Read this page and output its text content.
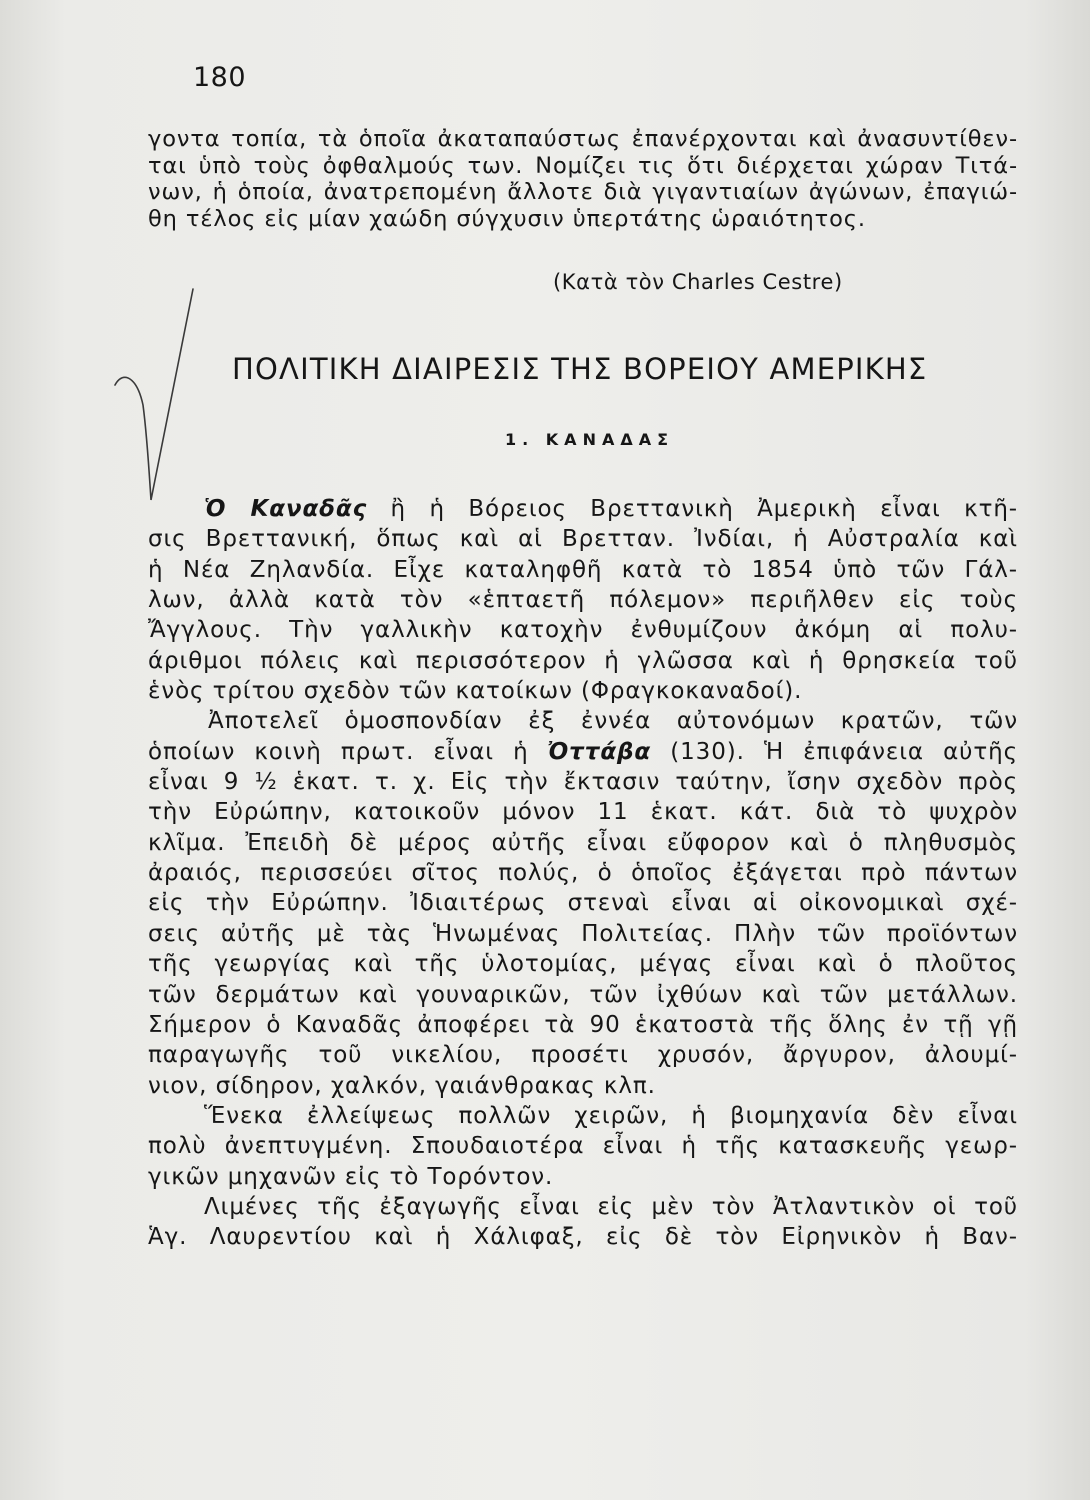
180

γοντα τοπία, τὰ ὁποῖα ἀκαταπαύστως ἐπανέρχονται καὶ ἀνασυντίθεν-

ται ὑπὸ τοὺς ὀφθαλμούς των. Νομίζει τις ὅτι διέρχεται χώραν Τιτά-

νων, ἡ ὁποία, ἀνατρεπομένη ἄλλοτε διὰ γιγαντιαίων ἀγώνων, ἐπαγιώ-

θη τέλος εἰς μίαν χαώδη σύγχυσιν ὑπερτάτης ὡραιότητος.

(Κατὰ τὸν Charles Cestre)
ΠΟΛΙΤΙΚΗ ΔΙΑΙΡΕΣΙΣ ΤΗΣ ΒΟΡΕΙΟΥ ΑΜΕΡΙΚΗΣ
1. ΚΑΝΑΔΑΣ

Ὁ Καναδᾶς ἢ ἡ Βόρειος Βρεττανικὴ Ἀμερικὴ εἶναι κτῆ-

σις Βρεττανική, ὅπως καὶ αἱ Βρετταν. Ἰνδίαι, ἡ Αὐστραλία καὶ

ἡ Νέα Ζηλανδία. Εἶχε καταληφθῆ κατὰ τὸ 1854 ὑπὸ τῶν Γάλ-

λων, ἀλλὰ κατὰ τὸν «ἑπταετῆ πόλεμον» περιῆλθεν εἰς τοὺς

Ἄγγλους. Τὴν γαλλικὴν κατοχὴν ἐνθυμίζουν ἀκόμη αἱ πολυ-

άριθμοι πόλεις καὶ περισσότερον ἡ γλῶσσα καὶ ἡ θρησκεία τοῦ

ἑνὸς τρίτου σχεδὸν τῶν κατοίκων (Φραγκοκαναδοί).

Ἀποτελεῖ ὁμοσπονδίαν ἐξ ἐννέα αὐτονόμων κρατῶν, τῶν

ὁποίων κοινὴ πρωτ. εἶναι ἡ Ὀττάβα (130). Ἡ ἐπιφάνεια αὐτῆς

εἶναι 9 ½ ἑκατ. τ. χ. Εἰς τὴν ἔκτασιν ταύτην, ἴσην σχεδὸν πρὸς

τὴν Εὐρώπην, κατοικοῦν μόνον 11 ἑκατ. κάτ. διὰ τὸ ψυχρὸν

κλῖμα. Ἐπειδὴ δὲ μέρος αὐτῆς εἶναι εὔφορον καὶ ὁ πληθυσμὸς

ἀραιός, περισσεύει σῖτος πολύς, ὁ ὁποῖος ἐξάγεται πρὸ πάντων

εἰς τὴν Εὐρώπην. Ἰδιαιτέρως στεναὶ εἶναι αἱ οἰκονομικαὶ σχέ-

σεις αὐτῆς μὲ τὰς Ἡνωμένας Πολιτείας. Πλὴν τῶν προϊόντων

τῆς γεωργίας καὶ τῆς ὑλοτομίας, μέγας εἶναι καὶ ὁ πλοῦτος

τῶν δερμάτων καὶ γουναρικῶν, τῶν ἰχθύων καὶ τῶν μετάλλων.

Σήμερον ὁ Καναδᾶς ἀποφέρει τὰ 90 ἑκατοστὰ τῆς ὅλης ἐν τῇ γῇ

παραγωγῆς τοῦ νικελίου, προσέτι χρυσόν, ἄργυρον, ἀλουμί-

νιον, σίδηρον, χαλκόν, γαιάνθρακας κλπ.

Ἕνεκα ἐλλείψεως πολλῶν χειρῶν, ἡ βιομηχανία δὲν εἶναι

πολὺ ἀνεπτυγμένη. Σπουδαιοτέρα εἶναι ἡ τῆς κατασκευῆς γεωρ-

γικῶν μηχανῶν εἰς τὸ Τορόντον.

Λιμένες τῆς ἐξαγωγῆς εἶναι εἰς μὲν τὸν Ἀτλαντικὸν οἱ τοῦ

Ἁγ. Λαυρεντίου καὶ ἡ Χάλιφαξ, εἰς δὲ τὸν Εἰρηνικὸν ἡ Βαν-
